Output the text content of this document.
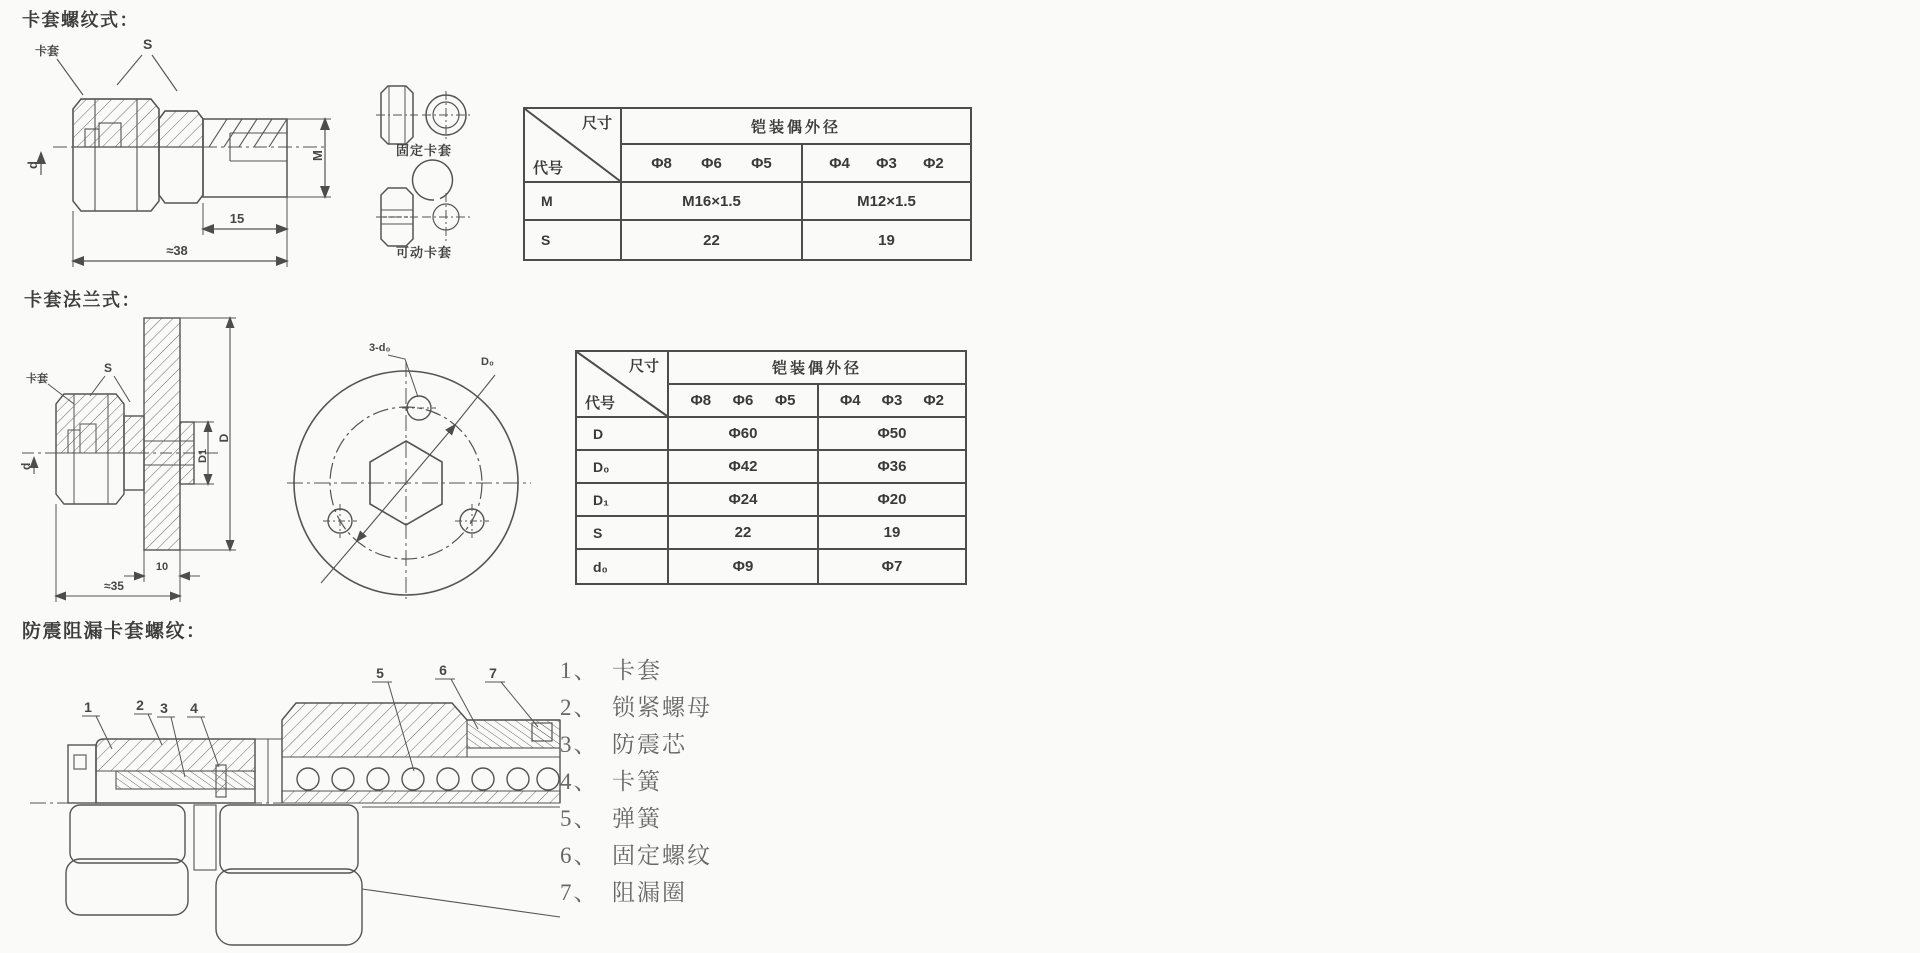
卡套螺纹式：
卡套	S
d
M
15
≈38
固定卡套
可动卡套
尺寸
代号
铠装偶外径
Φ8 Φ6 Φ5	Φ4 Φ3 Φ2
M	M16×1.5	M12×1.5
S	22	19
卡套法兰式：
卡套
S
d
D1
D
10
≈35
3-d₀
D₀	尺寸
代号
铠装偶外径
Φ8 Φ6 Φ5	Φ4 Φ3 Φ2
D	Φ60	Φ50
D₀	Φ42	Φ36
D₁	Φ24	Φ20
S	22	19
d₀	Φ9	Φ7
防震阻漏卡套螺纹：
1	2 3 4
5	6	7	1、 卡套
2、 锁紧螺母
3、 防震芯
4、 卡簧
5、 弹簧
6、 固定螺纹
7、 阻漏圈
